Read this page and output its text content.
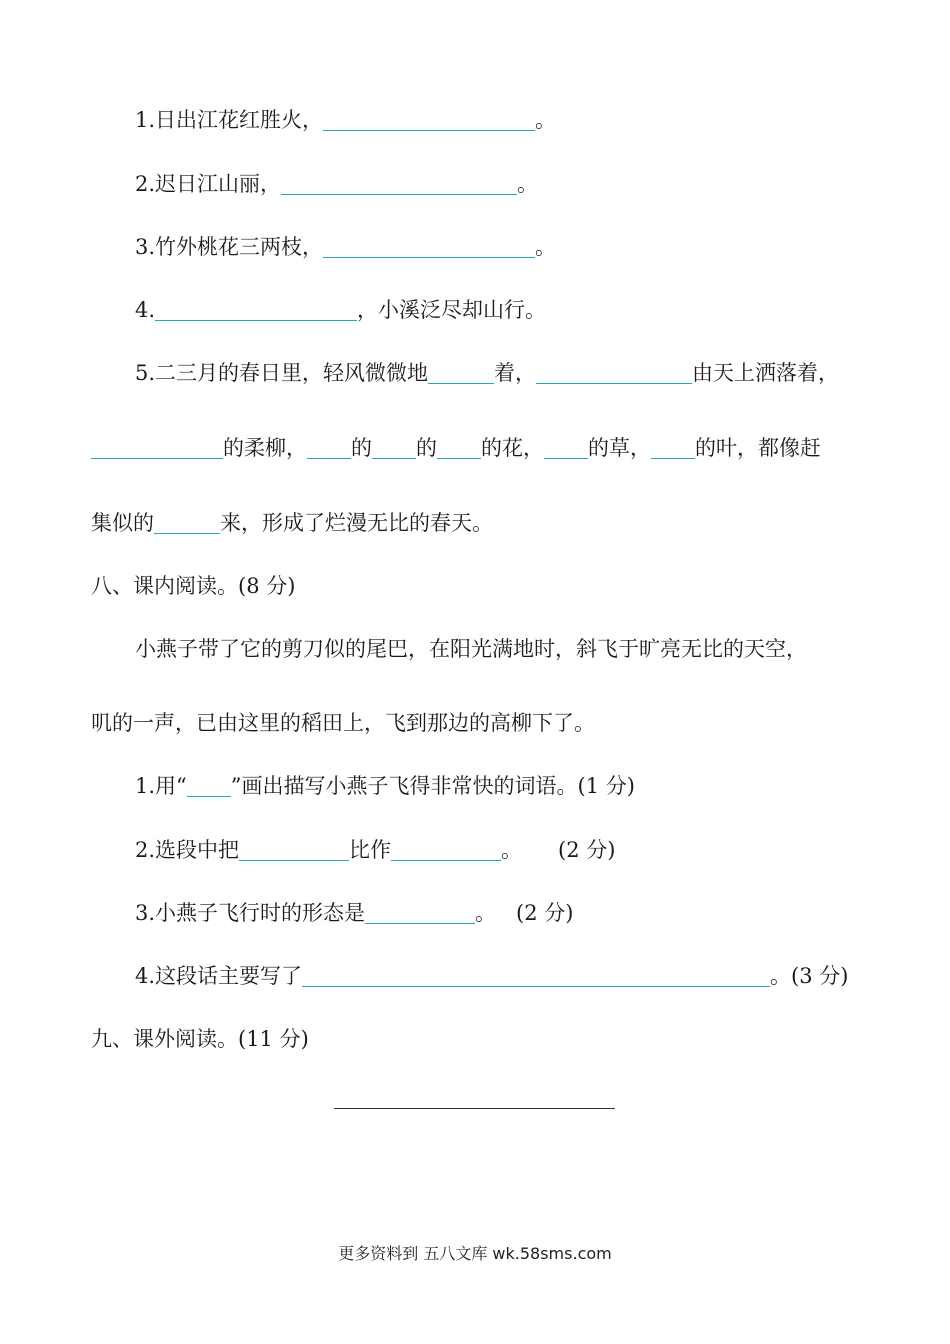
1.日出江花红胜火，	。
2.迟日江山丽，	。
3.竹外桃花三两枝，	。
4.	，小溪泛尽却山行。
5.二三月的春日里，轻风微微地	着，	由天上洒落着，
的柔柳， 的 的 的花， 的草， 的叶，都像赶
集似的	来，形成了烂漫无比的春天。
八、课内阅读。(8 分)
小燕子带了它的剪刀似的尾巴，在阳光满地时，斜飞于旷亮无比的天空，
叽的一声，已由这里的稻田上，飞到那边的高柳下了。
1.用“ ”画出描写小燕子飞得非常快的词语。(1 分)
2.选段中把	比作	。 (2 分)
3.小燕子飞行时的形态是	。 (2 分)
4.这段话主要写了	。(3 分)
九、课外阅读。(11 分)
更多资料到 五八文库 wk.58sms.com
